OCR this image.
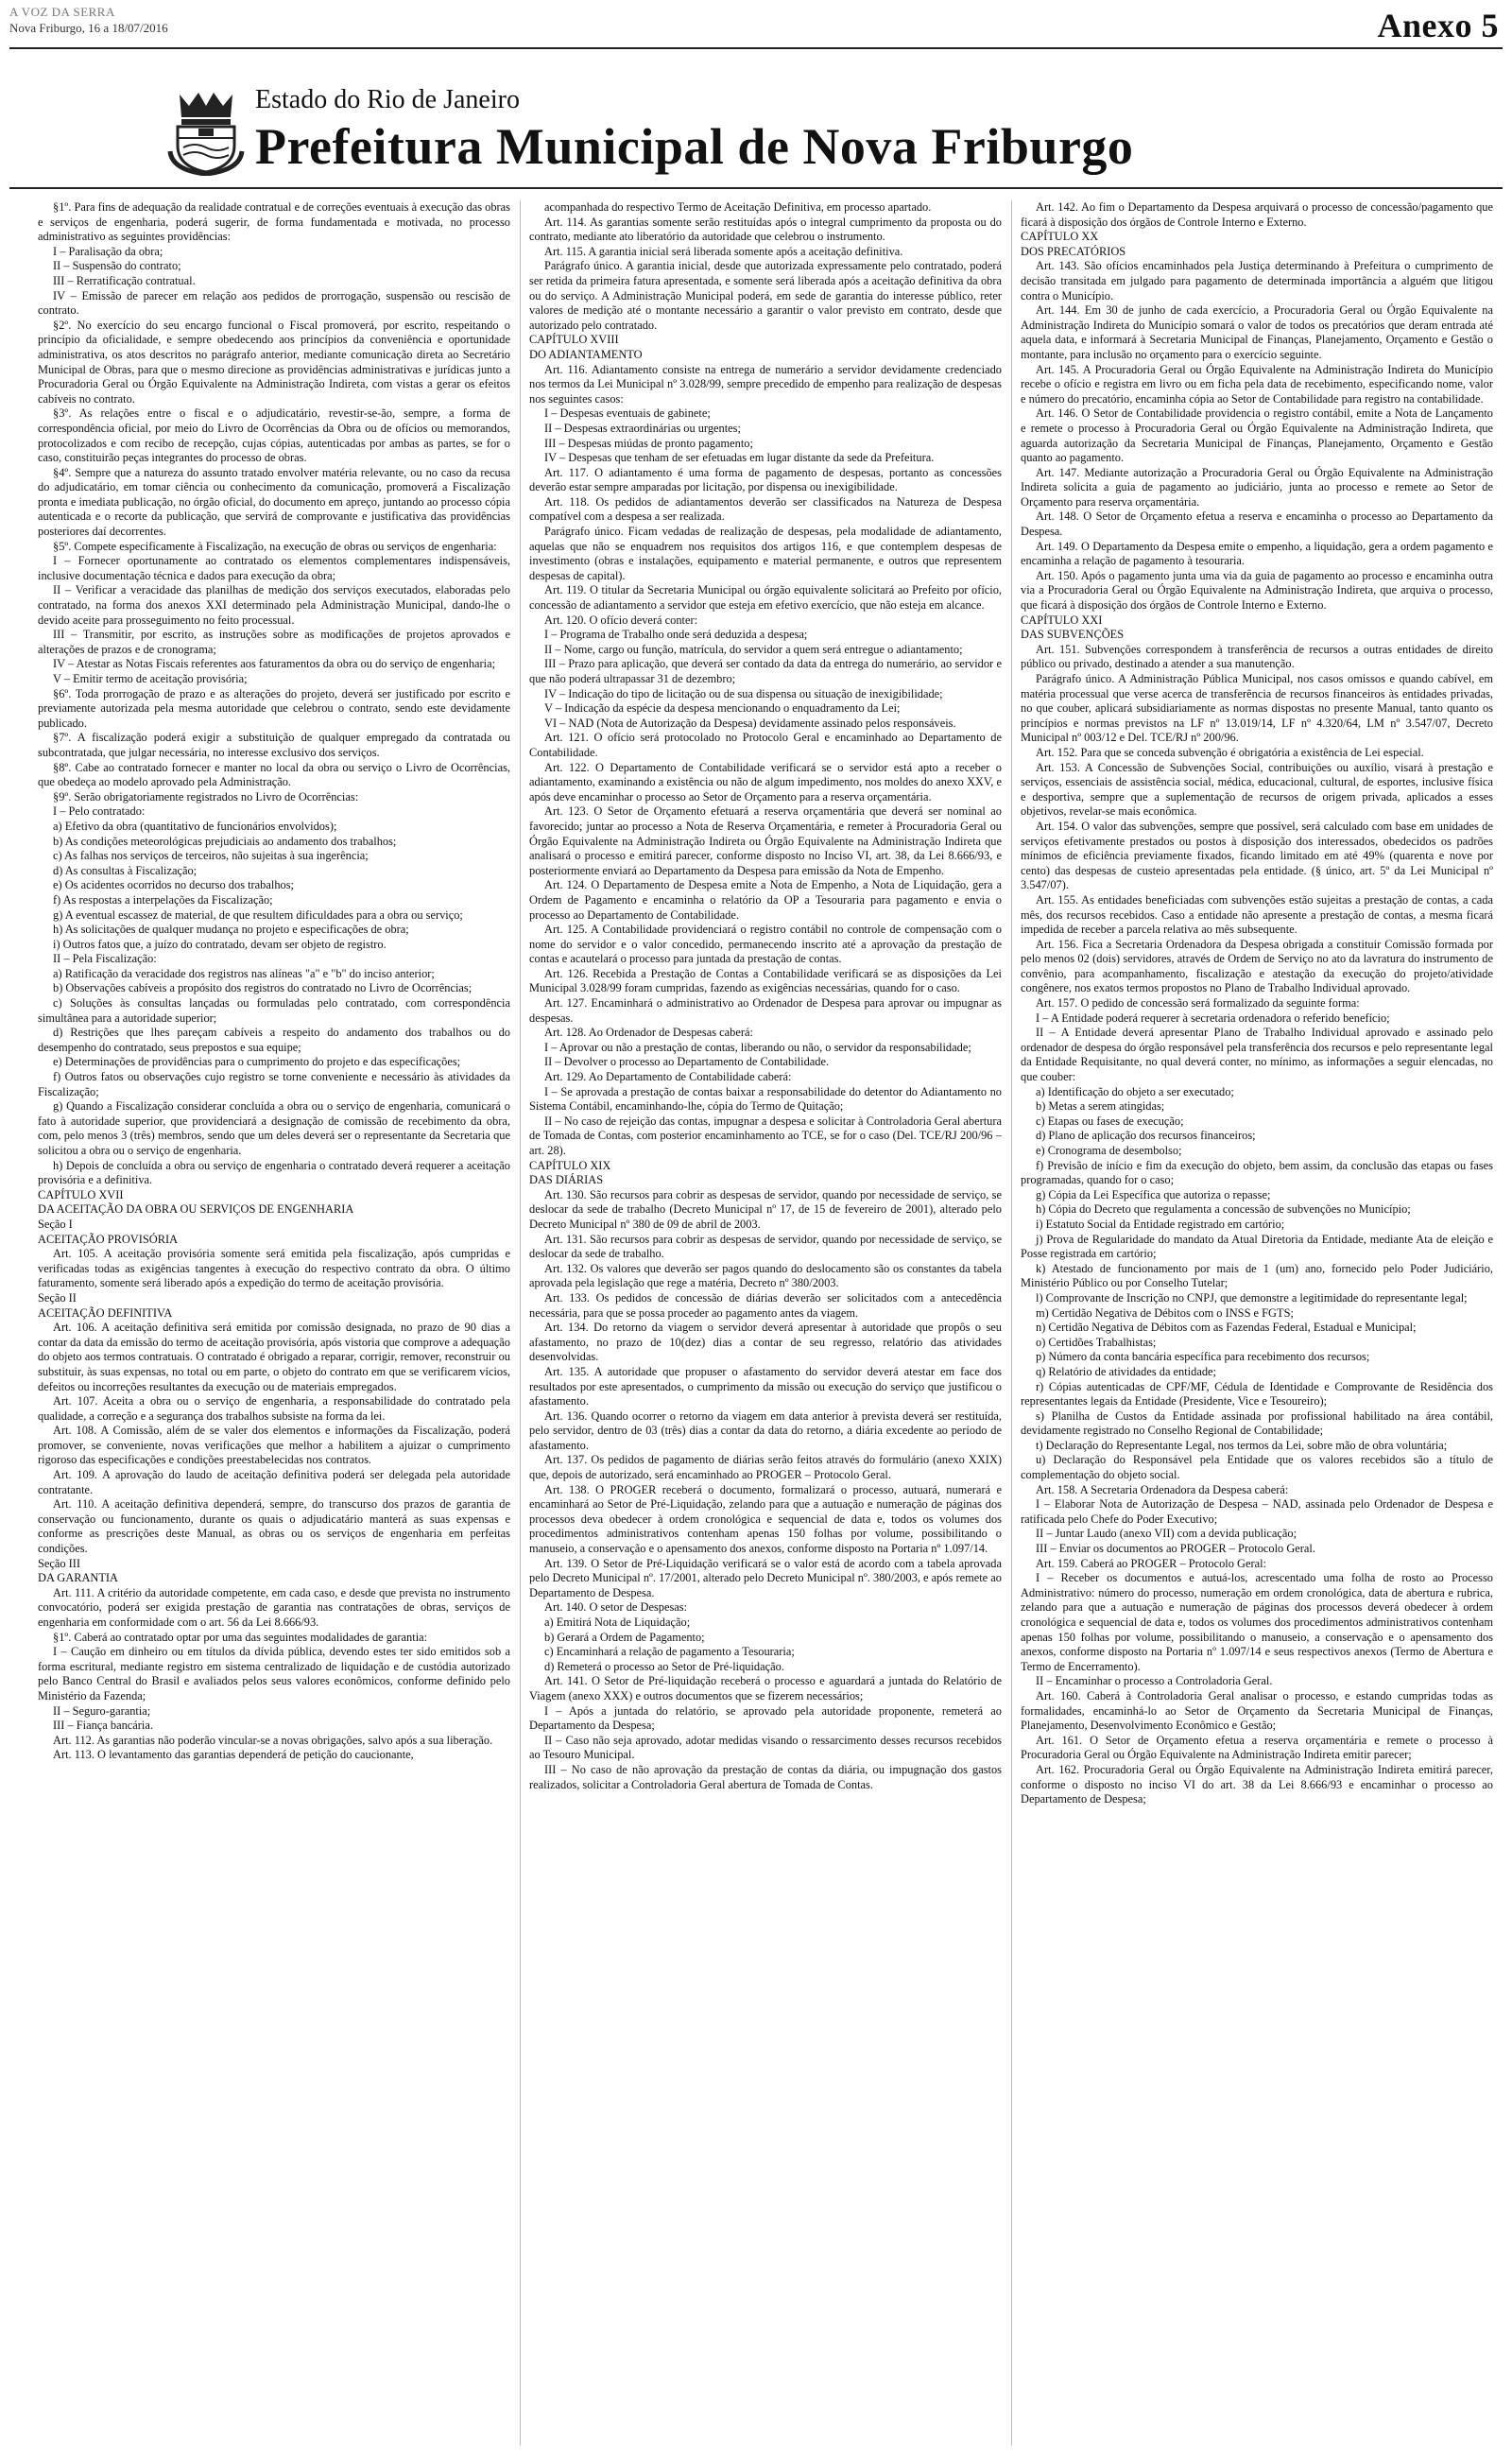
A VOZ DA SERRA
Nova Friburgo, 16 a 18/07/2016	Anexo 5
Estado do Rio de Janeiro
Prefeitura Municipal de Nova Friburgo

§1º. Para fins de adequação da realidade contratual e de correções eventuais à execução das obras e serviços de engenharia, poderá sugerir, de forma fundamentada e motivada, no processo administrativo as seguintes providências:

I – Paralisação da obra;

II – Suspensão do contrato;

III – Rerratificação contratual.

IV – Emissão de parecer em relação aos pedidos de prorrogação, suspensão ou rescisão de contrato.

§2º. No exercício do seu encargo funcional o Fiscal promoverá, por escrito, respeitando o princípio da oficialidade, e sempre obedecendo aos princípios da conveniência e oportunidade administrativa, os atos descritos no parágrafo anterior, mediante comunicação direta ao Secretário Municipal de Obras, para que o mesmo direcione as providências administrativas e jurídicas junto a Procuradoria Geral ou Órgão Equivalente na Administração Indireta, com vistas a gerar os efeitos cabíveis no contrato.

§3º. As relações entre o fiscal e o adjudicatário, revestir-se-ão, sempre, a forma de correspondência oficial, por meio do Livro de Ocorrências da Obra ou de ofícios ou memorandos, protocolizados e com recibo de recepção, cujas cópias, autenticadas por ambas as partes, se for o caso, constituirão peças integrantes do processo de obras.

§4º. Sempre que a natureza do assunto tratado envolver matéria relevante, ou no caso da recusa do adjudicatário, em tomar ciência ou conhecimento da comunicação, promoverá a Fiscalização pronta e imediata publicação, no órgão oficial, do documento em apreço, juntando ao processo cópia autenticada e o recorte da publicação, que servirá de comprovante e justificativa das providências posteriores daí decorrentes.

§5º. Compete especificamente à Fiscalização, na execução de obras ou serviços de engenharia:

I – Fornecer oportunamente ao contratado os elementos complementares indispensáveis, inclusive documentação técnica e dados para execução da obra;

II – Verificar a veracidade das planilhas de medição dos serviços executados, elaboradas pelo contratado, na forma dos anexos XXI determinado pela Administração Municipal, dando-lhe o devido aceite para prosseguimento no feito processual.

III – Transmitir, por escrito, as instruções sobre as modificações de projetos aprovados e alterações de prazos e de cronograma;

IV – Atestar as Notas Fiscais referentes aos faturamentos da obra ou do serviço de engenharia;

V – Emitir termo de aceitação provisória;

§6º. Toda prorrogação de prazo e as alterações do projeto, deverá ser justificado por escrito e previamente autorizada pela mesma autoridade que celebrou o contrato, sendo este devidamente publicado.

§7º. A fiscalização poderá exigir a substituição de qualquer empregado da contratada ou subcontratada, que julgar necessária, no interesse exclusivo dos serviços.

§8º. Cabe ao contratado fornecer e manter no local da obra ou serviço o Livro de Ocorrências, que obedeça ao modelo aprovado pela Administração.

§9º. Serão obrigatoriamente registrados no Livro de Ocorrências:

I – Pelo contratado:

a) Efetivo da obra (quantitativo de funcionários envolvidos);

b) As condições meteorológicas prejudiciais ao andamento dos trabalhos;

c) As falhas nos serviços de terceiros, não sujeitas à sua ingerência;

d) As consultas à Fiscalização;

e) Os acidentes ocorridos no decurso dos trabalhos;

f) As respostas a interpelações da Fiscalização;

g) A eventual escassez de material, de que resultem dificuldades para a obra ou serviço;

h) As solicitações de qualquer mudança no projeto e especificações de obra;

i) Outros fatos que, a juízo do contratado, devam ser objeto de registro.

II – Pela Fiscalização:

a) Ratificação da veracidade dos registros nas alíneas "a" e "b" do inciso anterior;

b) Observações cabíveis a propósito dos registros do contratado no Livro de Ocorrências;

c) Soluções às consultas lançadas ou formuladas pelo contratado, com correspondência simultânea para a autoridade superior;

d) Restrições que lhes pareçam cabíveis a respeito do andamento dos trabalhos ou do desempenho do contratado, seus prepostos e sua equipe;

e) Determinações de providências para o cumprimento do projeto e das especificações;

f) Outros fatos ou observações cujo registro se torne conveniente e necessário às atividades da Fiscalização;

g) Quando a Fiscalização considerar concluída a obra ou o serviço de engenharia, comunicará o fato à autoridade superior, que providenciará a designação de comissão de recebimento da obra, com, pelo menos 3 (três) membros, sendo que um deles deverá ser o representante da Secretaria que solicitou a obra ou o serviço de engenharia.

h) Depois de concluída a obra ou serviço de engenharia o contratado deverá requerer a aceitação provisória e a definitiva.

CAPÍTULO XVII

DA ACEITAÇÃO DA OBRA OU SERVIÇOS DE ENGENHARIA

Seção I

ACEITAÇÃO PROVISÓRIA

Art. 105. A aceitação provisória somente será emitida pela fiscalização, após cumpridas e verificadas todas as exigências tangentes à execução do respectivo contrato da obra. O último faturamento, somente será liberado após a expedição do termo de aceitação provisória.

Seção II

ACEITAÇÃO DEFINITIVA

Art. 106. A aceitação definitiva será emitida por comissão designada, no prazo de 90 dias a contar da data da emissão do termo de aceitação provisória, após vistoria que comprove a adequação do objeto aos termos contratuais. O contratado é obrigado a reparar, corrigir, remover, reconstruir ou substituir, às suas expensas, no total ou em parte, o objeto do contrato em que se verificarem vícios, defeitos ou incorreções resultantes da execução ou de materiais empregados.

Art. 107. Aceita a obra ou o serviço de engenharia, a responsabilidade do contratado pela qualidade, a correção e a segurança dos trabalhos subsiste na forma da lei.

Art. 108. A Comissão, além de se valer dos elementos e informações da Fiscalização, poderá promover, se conveniente, novas verificações que melhor a habilitem a ajuizar o cumprimento rigoroso das especificações e condições preestabelecidas nos contratos.

Art. 109. A aprovação do laudo de aceitação definitiva poderá ser delegada pela autoridade contratante.

Art. 110. A aceitação definitiva dependerá, sempre, do transcurso dos prazos de garantia de conservação ou funcionamento, durante os quais o adjudicatário manterá as suas expensas e conforme as prescrições deste Manual, as obras ou os serviços de engenharia em perfeitas condições.

Seção III

DA GARANTIA

Art. 111. A critério da autoridade competente, em cada caso, e desde que prevista no instrumento convocatório, poderá ser exigida prestação de garantia nas contratações de obras, serviços de engenharia em conformidade com o art. 56 da Lei 8.666/93.

§1º. Caberá ao contratado optar por uma das seguintes modalidades de garantia:

I – Caução em dinheiro ou em títulos da dívida pública, devendo estes ter sido emitidos sob a forma escritural, mediante registro em sistema centralizado de liquidação e de custódia autorizado pelo Banco Central do Brasil e avaliados pelos seus valores econômicos, conforme definido pelo Ministério da Fazenda;

II – Seguro-garantia;

III – Fiança bancária.

Art. 112. As garantias não poderão vincular-se a novas obrigações, salvo após a sua liberação.

Art. 113. O levantamento das garantias dependerá de petição do caucionante,

acompanhada do respectivo Termo de Aceitação Definitiva, em processo apartado.

Art. 114. As garantias somente serão restituídas após o integral cumprimento da proposta ou do contrato, mediante ato liberatório da autoridade que celebrou o instrumento.

Art. 115. A garantia inicial será liberada somente após a aceitação definitiva.

Parágrafo único. A garantia inicial, desde que autorizada expressamente pelo contratado, poderá ser retida da primeira fatura apresentada, e somente será liberada após a aceitação definitiva da obra ou do serviço. A Administração Municipal poderá, em sede de garantia do interesse público, reter valores de medição até o montante necessário a garantir o valor previsto em contrato, desde que autorizado pelo contratado.

CAPÍTULO XVIII

DO ADIANTAMENTO

Art. 116. Adiantamento consiste na entrega de numerário a servidor devidamente credenciado nos termos da Lei Municipal nº 3.028/99, sempre precedido de empenho para realização de despesas nos seguintes casos:

I – Despesas eventuais de gabinete;

II – Despesas extraordinárias ou urgentes;

III – Despesas miúdas de pronto pagamento;

IV – Despesas que tenham de ser efetuadas em lugar distante da sede da Prefeitura.

Art. 117. O adiantamento é uma forma de pagamento de despesas, portanto as concessões deverão estar sempre amparadas por licitação, por dispensa ou inexigibilidade.

Art. 118. Os pedidos de adiantamentos deverão ser classificados na Natureza de Despesa compatível com a despesa a ser realizada.

Parágrafo único. Ficam vedadas de realização de despesas, pela modalidade de adiantamento, aquelas que não se enquadrem nos requisitos dos artigos 116, e que contemplem despesas de investimento (obras e instalações, equipamento e material permanente, e outros que representem despesas de capital).

Art. 119. O titular da Secretaria Municipal ou órgão equivalente solicitará ao Prefeito por ofício, concessão de adiantamento a servidor que esteja em efetivo exercício, que não esteja em alcance.

Art. 120. O ofício deverá conter:

I – Programa de Trabalho onde será deduzida a despesa;

II – Nome, cargo ou função, matrícula, do servidor a quem será entregue o adiantamento;

III – Prazo para aplicação, que deverá ser contado da data da entrega do numerário, ao servidor e que não poderá ultrapassar 31 de dezembro;

IV – Indicação do tipo de licitação ou de sua dispensa ou situação de inexigibilidade;

V – Indicação da espécie da despesa mencionando o enquadramento da Lei;

VI – NAD (Nota de Autorização da Despesa) devidamente assinado pelos responsáveis.

Art. 121. O ofício será protocolado no Protocolo Geral e encaminhado ao Departamento de Contabilidade.

Art. 122. O Departamento de Contabilidade verificará se o servidor está apto a receber o adiantamento, examinando a existência ou não de algum impedimento, nos moldes do anexo XXV, e após deve encaminhar o processo ao Setor de Orçamento para a reserva orçamentária.

Art. 123. O Setor de Orçamento efetuará a reserva orçamentária que deverá ser nominal ao favorecido; juntar ao processo a Nota de Reserva Orçamentária, e remeter à Procuradoria Geral ou Órgão Equivalente na Administração Indireta ou Órgão Equivalente na Administração Indireta que analisará o processo e emitirá parecer, conforme disposto no Inciso VI, art. 38, da Lei 8.666/93, e posteriormente enviará ao Departamento da Despesa para emissão da Nota de Empenho.

Art. 124. O Departamento de Despesa emite a Nota de Empenho, a Nota de Liquidação, gera a Ordem de Pagamento e encaminha o relatório da OP a Tesouraria para pagamento e envia o processo ao Departamento de Contabilidade.

Art. 125. A Contabilidade providenciará o registro contábil no controle de compensação com o nome do servidor e o valor concedido, permanecendo inscrito até a aprovação da prestação de contas e acautelará o processo para juntada da prestação de contas.

Art. 126. Recebida a Prestação de Contas a Contabilidade verificará se as disposições da Lei Municipal 3.028/99 foram cumpridas, fazendo as exigências necessárias, quando for o caso.

Art. 127. Encaminhará o administrativo ao Ordenador de Despesa para aprovar ou impugnar as despesas.

Art. 128. Ao Ordenador de Despesas caberá:

I – Aprovar ou não a prestação de contas, liberando ou não, o servidor da responsabilidade;

II – Devolver o processo ao Departamento de Contabilidade.

Art. 129. Ao Departamento de Contabilidade caberá:

I – Se aprovada a prestação de contas baixar a responsabilidade do detentor do Adiantamento no Sistema Contábil, encaminhando-lhe, cópia do Termo de Quitação;

II – No caso de rejeição das contas, impugnar a despesa e solicitar à Controladoria Geral abertura de Tomada de Contas, com posterior encaminhamento ao TCE, se for o caso (Del. TCE/RJ 200/96 – art. 28).

CAPÍTULO XIX

DAS DIÁRIAS

Art. 130. São recursos para cobrir as despesas de servidor, quando por necessidade de serviço, se deslocar da sede de trabalho (Decreto Municipal nº 17, de 15 de fevereiro de 2001), alterado pelo Decreto Municipal nº 380 de 09 de abril de 2003.

Art. 131. São recursos para cobrir as despesas de servidor, quando por necessidade de serviço, se deslocar da sede de trabalho.

Art. 132. Os valores que deverão ser pagos quando do deslocamento são os constantes da tabela aprovada pela legislação que rege a matéria, Decreto nº 380/2003.

Art. 133. Os pedidos de concessão de diárias deverão ser solicitados com a antecedência necessária, para que se possa proceder ao pagamento antes da viagem.

Art. 134. Do retorno da viagem o servidor deverá apresentar à autoridade que propôs o seu afastamento, no prazo de 10(dez) dias a contar de seu regresso, relatório das atividades desenvolvidas.

Art. 135. A autoridade que propuser o afastamento do servidor deverá atestar em face dos resultados por este apresentados, o cumprimento da missão ou execução do serviço que justificou o afastamento.

Art. 136. Quando ocorrer o retorno da viagem em data anterior à prevista deverá ser restituída, pelo servidor, dentro de 03 (três) dias a contar da data do retorno, a diária excedente ao período de afastamento.

Art. 137. Os pedidos de pagamento de diárias serão feitos através do formulário (anexo XXIX) que, depois de autorizado, será encaminhado ao PROGER – Protocolo Geral.

Art. 138. O PROGER receberá o documento, formalizará o processo, autuará, numerará e encaminhará ao Setor de Pré-Liquidação, zelando para que a autuação e numeração de páginas dos processos deva obedecer à ordem cronológica e sequencial de data e, todos os volumes dos procedimentos administrativos contenham apenas 150 folhas por volume, possibilitando o manuseio, a conservação e o apensamento dos anexos, conforme disposto na Portaria nº 1.097/14.

Art. 139. O Setor de Pré-Liquidação verificará se o valor está de acordo com a tabela aprovada pelo Decreto Municipal nº. 17/2001, alterado pelo Decreto Municipal nº. 380/2003, e após remete ao Departamento de Despesa.

Art. 140. O setor de Despesas:

a) Emitirá Nota de Liquidação;

b) Gerará a Ordem de Pagamento;

c) Encaminhará a relação de pagamento a Tesouraria;

d) Remeterá o processo ao Setor de Pré-liquidação.

Art. 141. O Setor de Pré-liquidação receberá o processo e aguardará a juntada do Relatório de Viagem (anexo XXX) e outros documentos que se fizerem necessários;

I – Após a juntada do relatório, se aprovado pela autoridade proponente, remeterá ao Departamento da Despesa;

II – Caso não seja aprovado, adotar medidas visando o ressarcimento desses recursos recebidos ao Tesouro Municipal.

III – No caso de não aprovação da prestação de contas da diária, ou impugnação dos gastos realizados, solicitar a Controladoria Geral abertura de Tomada de Contas.

Art. 142. Ao fim o Departamento da Despesa arquivará o processo de concessão/pagamento que ficará à disposição dos órgãos de Controle Interno e Externo.

CAPÍTULO XX

DOS PRECATÓRIOS

Art. 143. São ofícios encaminhados pela Justiça determinando à Prefeitura o cumprimento de decisão transitada em julgado para pagamento de determinada importância a alguém que litigou contra o Município.

Art. 144. Em 30 de junho de cada exercício, a Procuradoria Geral ou Órgão Equivalente na Administração Indireta do Município somará o valor de todos os precatórios que deram entrada até aquela data, e informará à Secretaria Municipal de Finanças, Planejamento, Orçamento e Gestão o montante, para inclusão no orçamento para o exercício seguinte.

Art. 145. A Procuradoria Geral ou Órgão Equivalente na Administração Indireta do Município recebe o ofício e registra em livro ou em ficha pela data de recebimento, especificando nome, valor e número do precatório, encaminha cópia ao Setor de Contabilidade para registro na contabilidade.

Art. 146. O Setor de Contabilidade providencia o registro contábil, emite a Nota de Lançamento e remete o processo à Procuradoria Geral ou Órgão Equivalente na Administração Indireta, que aguarda autorização da Secretaria Municipal de Finanças, Planejamento, Orçamento e Gestão quanto ao pagamento.

Art. 147. Mediante autorização a Procuradoria Geral ou Órgão Equivalente na Administração Indireta solicita a guia de pagamento ao judiciário, junta ao processo e remete ao Setor de Orçamento para reserva orçamentária.

Art. 148. O Setor de Orçamento efetua a reserva e encaminha o processo ao Departamento da Despesa.

Art. 149. O Departamento da Despesa emite o empenho, a liquidação, gera a ordem pagamento e encaminha a relação de pagamento à tesouraria.

Art. 150. Após o pagamento junta uma via da guia de pagamento ao processo e encaminha outra via a Procuradoria Geral ou Órgão Equivalente na Administração Indireta, que arquiva o processo, que ficará à disposição dos órgãos de Controle Interno e Externo.

CAPÍTULO XXI

DAS SUBVENÇÕES

Art. 151. Subvenções correspondem à transferência de recursos a outras entidades de direito público ou privado, destinado a atender a sua manutenção.

Parágrafo único. A Administração Pública Municipal, nos casos omissos e quando cabível, em matéria processual que verse acerca de transferência de recursos financeiros às entidades privadas, no que couber, aplicará subsidiariamente as normas dispostas no presente Manual, tanto quanto os princípios e normas previstos na LF nº 13.019/14, LF nº 4.320/64, LM nº 3.547/07, Decreto Municipal nº 003/12 e Del. TCE/RJ nº 200/96.

Art. 152. Para que se conceda subvenção é obrigatória a existência de Lei especial.

Art. 153. A Concessão de Subvenções Social, contribuições ou auxílio, visará à prestação e serviços, essenciais de assistência social, médica, educacional, cultural, de esportes, inclusive física e desportiva, sempre que a suplementação de recursos de origem privada, aplicados a esses objetivos, revelar-se mais econômica.

Art. 154. O valor das subvenções, sempre que possível, será calculado com base em unidades de serviços efetivamente prestados ou postos à disposição dos interessados, obedecidos os padrões mínimos de eficiência previamente fixados, ficando limitado em até 49% (quarenta e nove por cento) das despesas de custeio apresentadas pela entidade. (§ único, art. 5º da Lei Municipal nº 3.547/07).

Art. 155. As entidades beneficiadas com subvenções estão sujeitas a prestação de contas, a cada mês, dos recursos recebidos. Caso a entidade não apresente a prestação de contas, a mesma ficará impedida de receber a parcela relativa ao mês subsequente.

Art. 156. Fica a Secretaria Ordenadora da Despesa obrigada a constituir Comissão formada por pelo menos 02 (dois) servidores, através de Ordem de Serviço no ato da lavratura do instrumento de convênio, para acompanhamento, fiscalização e atestação da execução do projeto/atividade congênere, nos exatos termos propostos no Plano de Trabalho Individual aprovado.

Art. 157. O pedido de concessão será formalizado da seguinte forma:

I – A Entidade poderá requerer à secretaria ordenadora o referido benefício;

II – A Entidade deverá apresentar Plano de Trabalho Individual aprovado e assinado pelo ordenador de despesa do órgão responsável pela transferência dos recursos e pelo representante legal da Entidade Requisitante, no qual deverá conter, no mínimo, as informações a seguir elencadas, no que couber:

a) Identificação do objeto a ser executado;

b) Metas a serem atingidas;

c) Etapas ou fases de execução;

d) Plano de aplicação dos recursos financeiros;

e) Cronograma de desembolso;

f) Previsão de início e fim da execução do objeto, bem assim, da conclusão das etapas ou fases programadas, quando for o caso;

g) Cópia da Lei Específica que autoriza o repasse;

h) Cópia do Decreto que regulamenta a concessão de subvenções no Município;

i) Estatuto Social da Entidade registrado em cartório;

j) Prova de Regularidade do mandato da Atual Diretoria da Entidade, mediante Ata de eleição e Posse registrada em cartório;

k) Atestado de funcionamento por mais de 1 (um) ano, fornecido pelo Poder Judiciário, Ministério Público ou por Conselho Tutelar;

l) Comprovante de Inscrição no CNPJ, que demonstre a legitimidade do representante legal;

m) Certidão Negativa de Débitos com o INSS e FGTS;

n) Certidão Negativa de Débitos com as Fazendas Federal, Estadual e Municipal;

o) Certidões Trabalhistas;

p) Número da conta bancária específica para recebimento dos recursos;

q) Relatório de atividades da entidade;

r) Cópias autenticadas de CPF/MF, Cédula de Identidade e Comprovante de Residência dos representantes legais da Entidade (Presidente, Vice e Tesoureiro);

s) Planilha de Custos da Entidade assinada por profissional habilitado na área contábil, devidamente registrado no Conselho Regional de Contabilidade;

t) Declaração do Representante Legal, nos termos da Lei, sobre mão de obra voluntária;

u) Declaração do Responsável pela Entidade que os valores recebidos são a título de complementação do objeto social.

Art. 158. A Secretaria Ordenadora da Despesa caberá:

I – Elaborar Nota de Autorização de Despesa – NAD, assinada pelo Ordenador de Despesa e ratificada pelo Chefe do Poder Executivo;

II – Juntar Laudo (anexo VII) com a devida publicação;

III – Enviar os documentos ao PROGER – Protocolo Geral.

Art. 159. Caberá ao PROGER – Protocolo Geral:

I – Receber os documentos e autuá-los, acrescentado uma folha de rosto ao Processo Administrativo: número do processo, numeração em ordem cronológica, data de abertura e rubrica, zelando para que a autuação e numeração de páginas dos processos deverá obedecer à ordem cronológica e sequencial de data e, todos os volumes dos procedimentos administrativos contenham apenas 150 folhas por volume, possibilitando o manuseio, a conservação e o apensamento dos anexos, conforme disposto na Portaria nº 1.097/14 e seus respectivos anexos (Termo de Abertura e Termo de Encerramento).

II – Encaminhar o processo a Controladoria Geral.

Art. 160. Caberá à Controladoria Geral analisar o processo, e estando cumpridas todas as formalidades, encaminhá-lo ao Setor de Orçamento da Secretaria Municipal de Finanças, Planejamento, Desenvolvimento Econômico e Gestão;

Art. 161. O Setor de Orçamento efetua a reserva orçamentária e remete o processo à Procuradoria Geral ou Órgão Equivalente na Administração Indireta emitir parecer;

Art. 162. Procuradoria Geral ou Órgão Equivalente na Administração Indireta emitirá parecer, conforme o disposto no inciso VI do art. 38 da Lei 8.666/93 e encaminhar o processo ao Departamento de Despesa;
